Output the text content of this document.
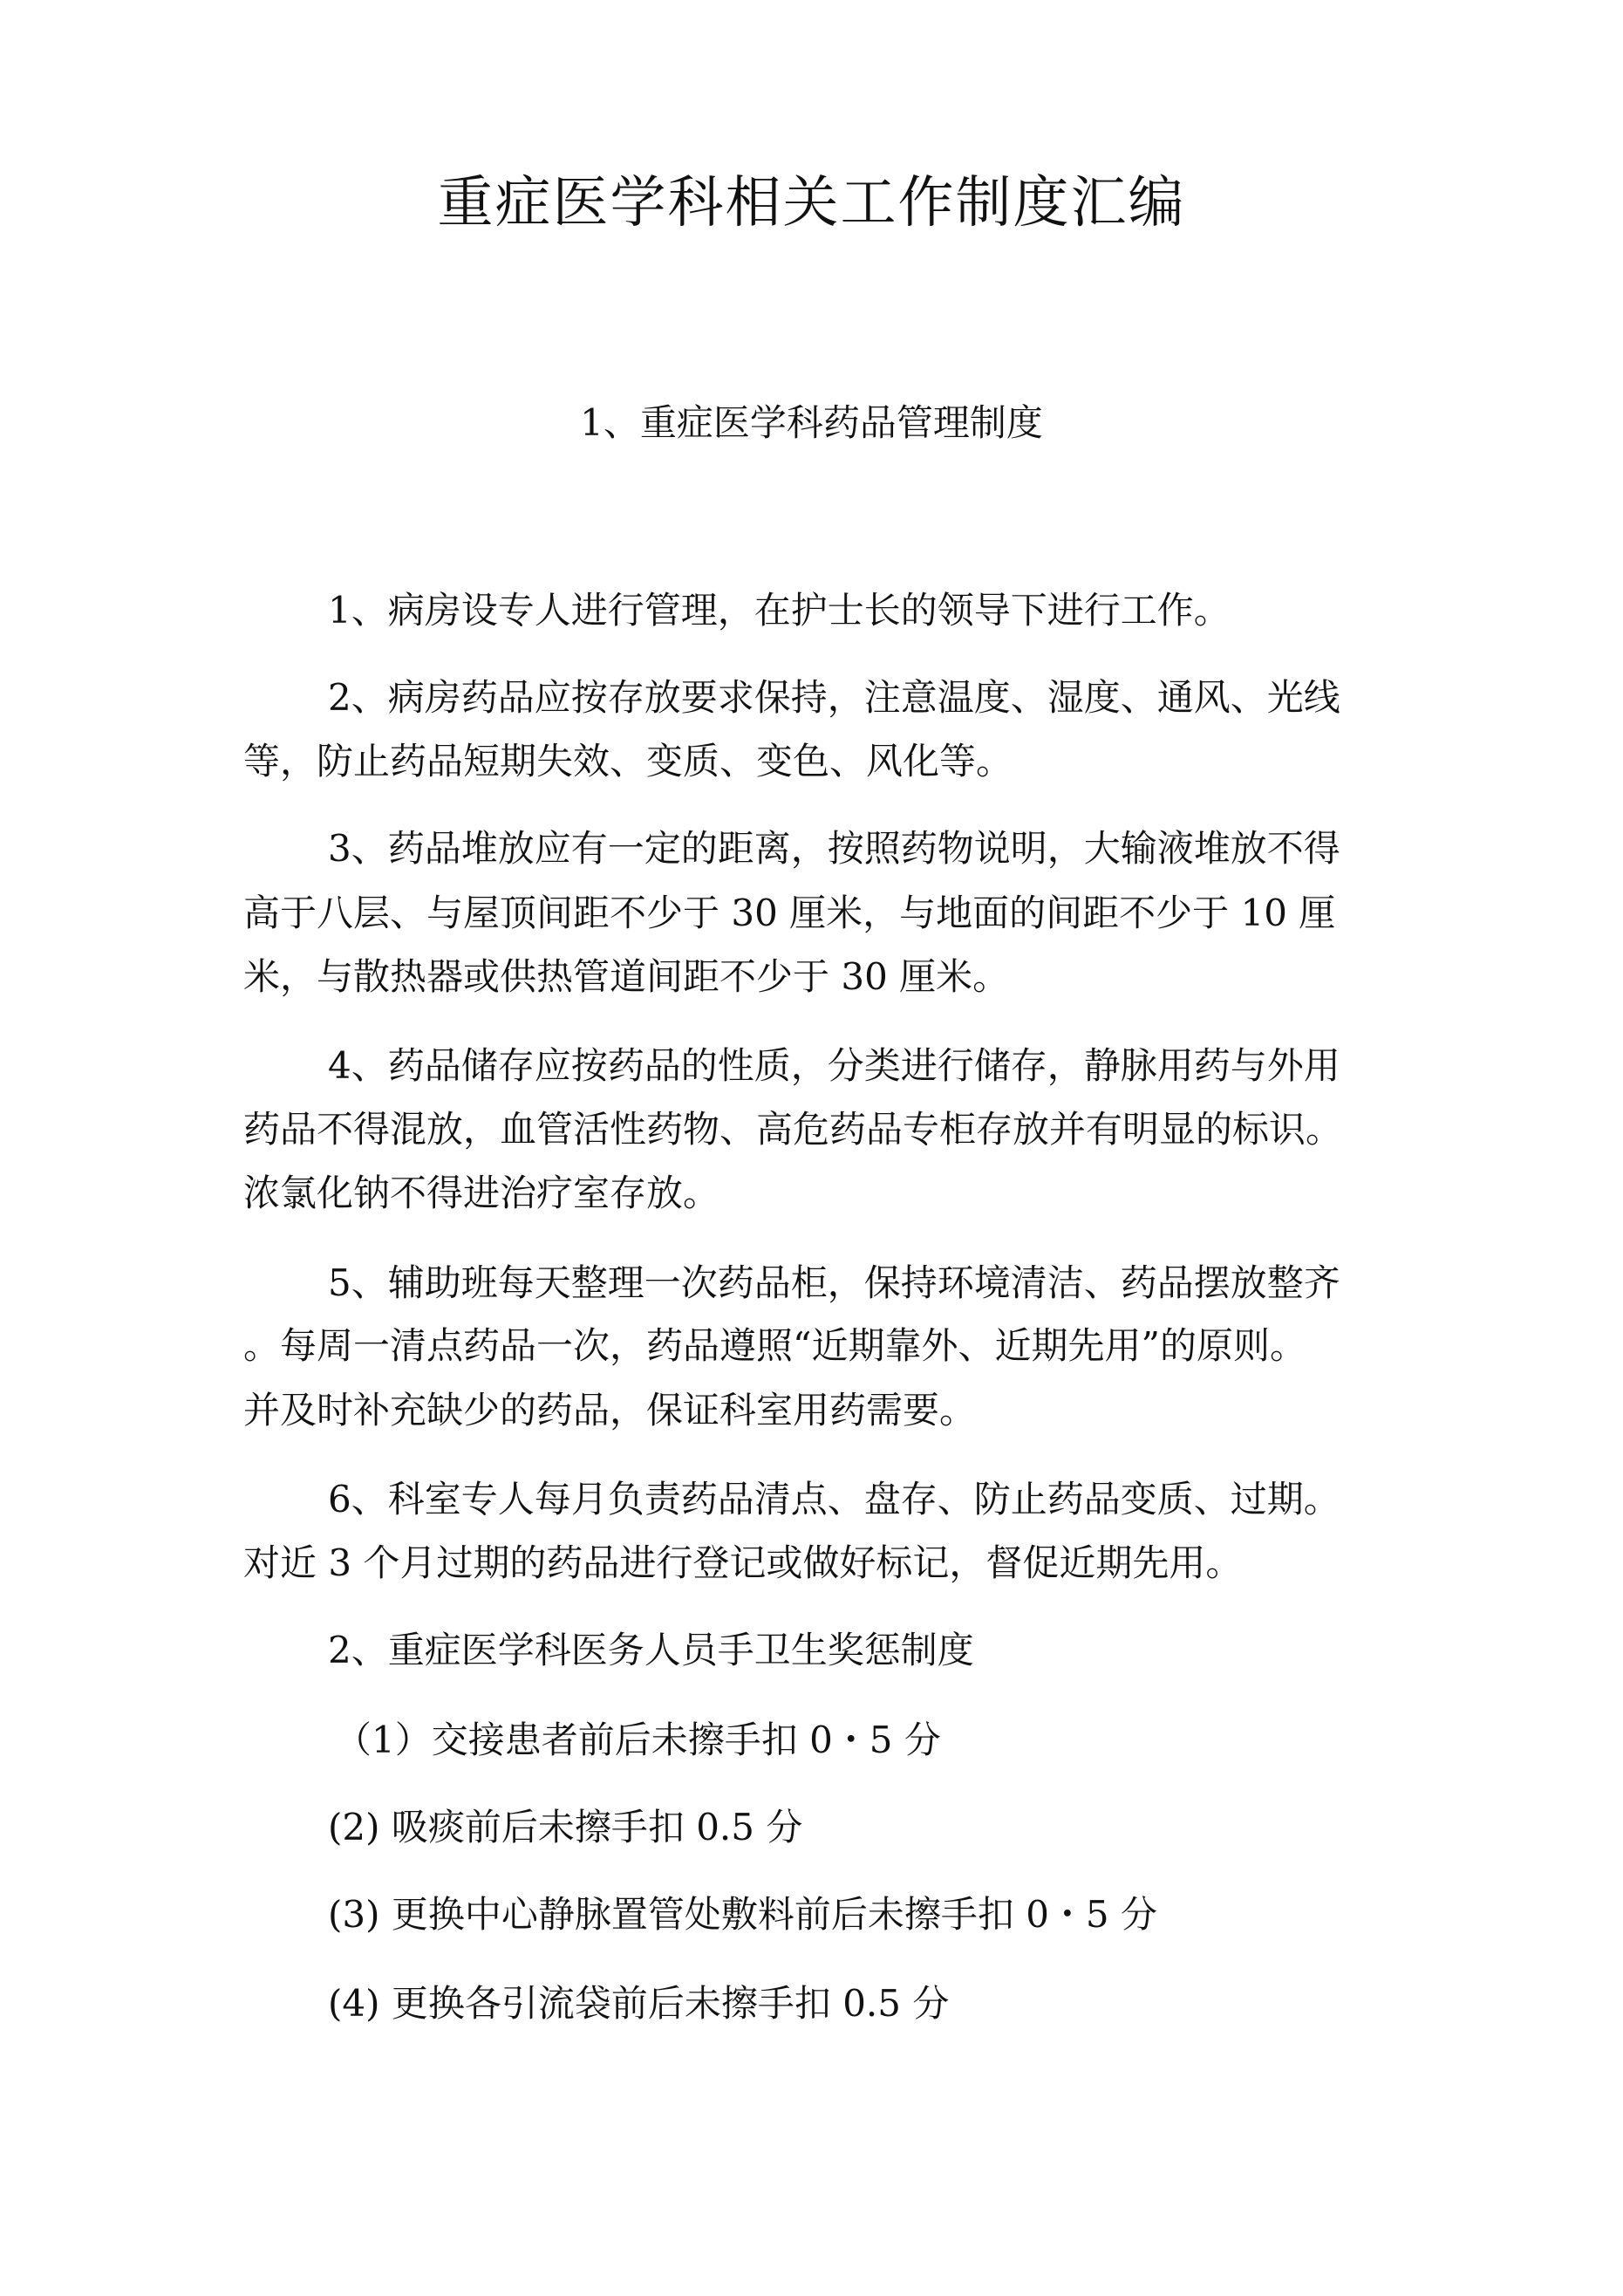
重症医学科相关工作制度汇编
1、重症医学科药品管理制度
1、病房设专人进行管理，在护士长的领导下进行工作。
2、病房药品应按存放要求保持，注意温度、湿度、通风、光线
等，防止药品短期失效、变质、变色、风化等。
3、药品堆放应有一定的距离，按照药物说明，大输液堆放不得
高于八层、与屋顶间距不少于 30 厘米，与地面的间距不少于 10 厘
米，与散热器或供热管道间距不少于 30 厘米。
4、药品储存应按药品的性质，分类进行储存，静脉用药与外用
药品不得混放，血管活性药物、高危药品专柜存放并有明显的标识。
浓氯化钠不得进治疗室存放。
5、辅助班每天整理一次药品柜，保持环境清洁、药品摆放整齐
。每周一清点药品一次，药品遵照“近期靠外、近期先用”的原则。
并及时补充缺少的药品，保证科室用药需要。
6、科室专人每月负责药品清点、盘存、防止药品变质、过期。
对近 3 个月过期的药品进行登记或做好标记，督促近期先用。
2、重症医学科医务人员手卫生奖惩制度
（1）交接患者前后未擦手扣 0・5 分
(2) 吸痰前后未擦手扣 0.5 分
(3) 更换中心静脉置管处敷料前后未擦手扣 0・5 分
(4) 更换各引流袋前后未擦手扣 0.5 分
